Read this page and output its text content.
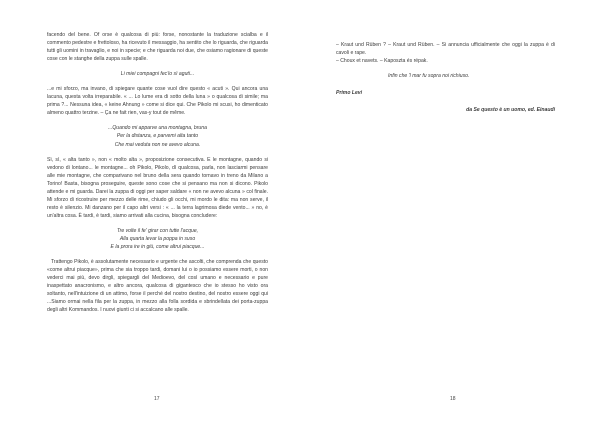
facendo del bene. Of orse è qualcosa di più: forse, nonostante la traduzione scialba e il commento pedestre e frettoloso, ha ricevuto il messaggio, ha sentito che lo riguarda, che riguarda tutti gli uomini in travaglio, e noi in specie; e che riguarda noi due, che osiamo ragionare di queste cose con le stanghe della zuppa sulle spalle.

Li miei compagni fec'io sì aguti...

...e mi sforzo, ma invano, di spiegare quante cose vuol dire questo « acuti ». Qui ancora una lacuna, questa volta irreparabile. « ... Lo lume era di sotto della luna » o qualcosa di simile; ma prima ?... Nessuna idea, « keine Ahnung » come si dice qui. Che Pikolo mi scusi, ho dimenticato almeno quattro terzine. – Ça ne fait rien, vas-y tout de même.

...Quando mi apparve una montagna, bruna
Per la distanza, e parvemi alta tanto
Che mai veduta non ne avevo alcuna.

Sì, sì, « alta tanto », non « molto alta », proposizione consecutiva. E le montagne, quando si vedono di lontano... le montagne... oh Pikolo, Pikolo, dì qualcosa, parla, non lasciarmi pensare alle mie montagne, che comparivano nel bruno della sera quando tornavo in treno da Milano a Torino! Basta, bisogna proseguire, queste sono cose che si pensano ma non si dicono. Pikolo attende e mi guarda. Darei la zuppa di oggi per saper saldare « non ne avevo alcuna » col finale. Mi sforzo di ricostruire per mezzo delle rime, chiudo gli occhi, mi mordo le dita: ma non serve, il resto è silenzio. Mi danzano per il capo altri versi : « ... la terra lagrimosa diede vento... » no, è un'altra cosa. È tardi, è tardi, siamo arrivati alla cucina, bisogna concludere:

Tre volte il fe' girar con tutte l'acque,
Alla quarta levar la poppa in suso
E la prora ire in giù, come altrui piacque...

Trattengo Pikolo, è assolutamente necessario e urgente che ascolti, che comprenda che questo «come altrui piacque», prima che sia troppo tardi, domani lui o io possiamo essere morti, o non vederci mai più, devo dirgli, spiegargli del Medioevo, del così umano e necessario e pure inaspettato anacronismo, e altro ancora, qualcosa di gigantesco che io stesso ho visto ora soltanto, nell'intuizione di un attimo, forse il perché del nostro destino, del nostro essere oggi qui ...Siamo ormai nella fila per la zuppa, in mezzo alla folla sordida e sbrindellata dei porta-zuppa degli altri Kommandos. I nuovi giunti ci si accalcano alle spalle.

17

– Kraut und Rüben ? – Kraut und Rüben. – Si annuncia ufficialmente che oggi la zuppa è di cavoli e rape.

– Choux et navets. – Kaposzta és répak.

Infin che 'l mar fu sopra noi richiuso.

Primo Levi

da Se questo è un uomo, ed. Einaudi

18
